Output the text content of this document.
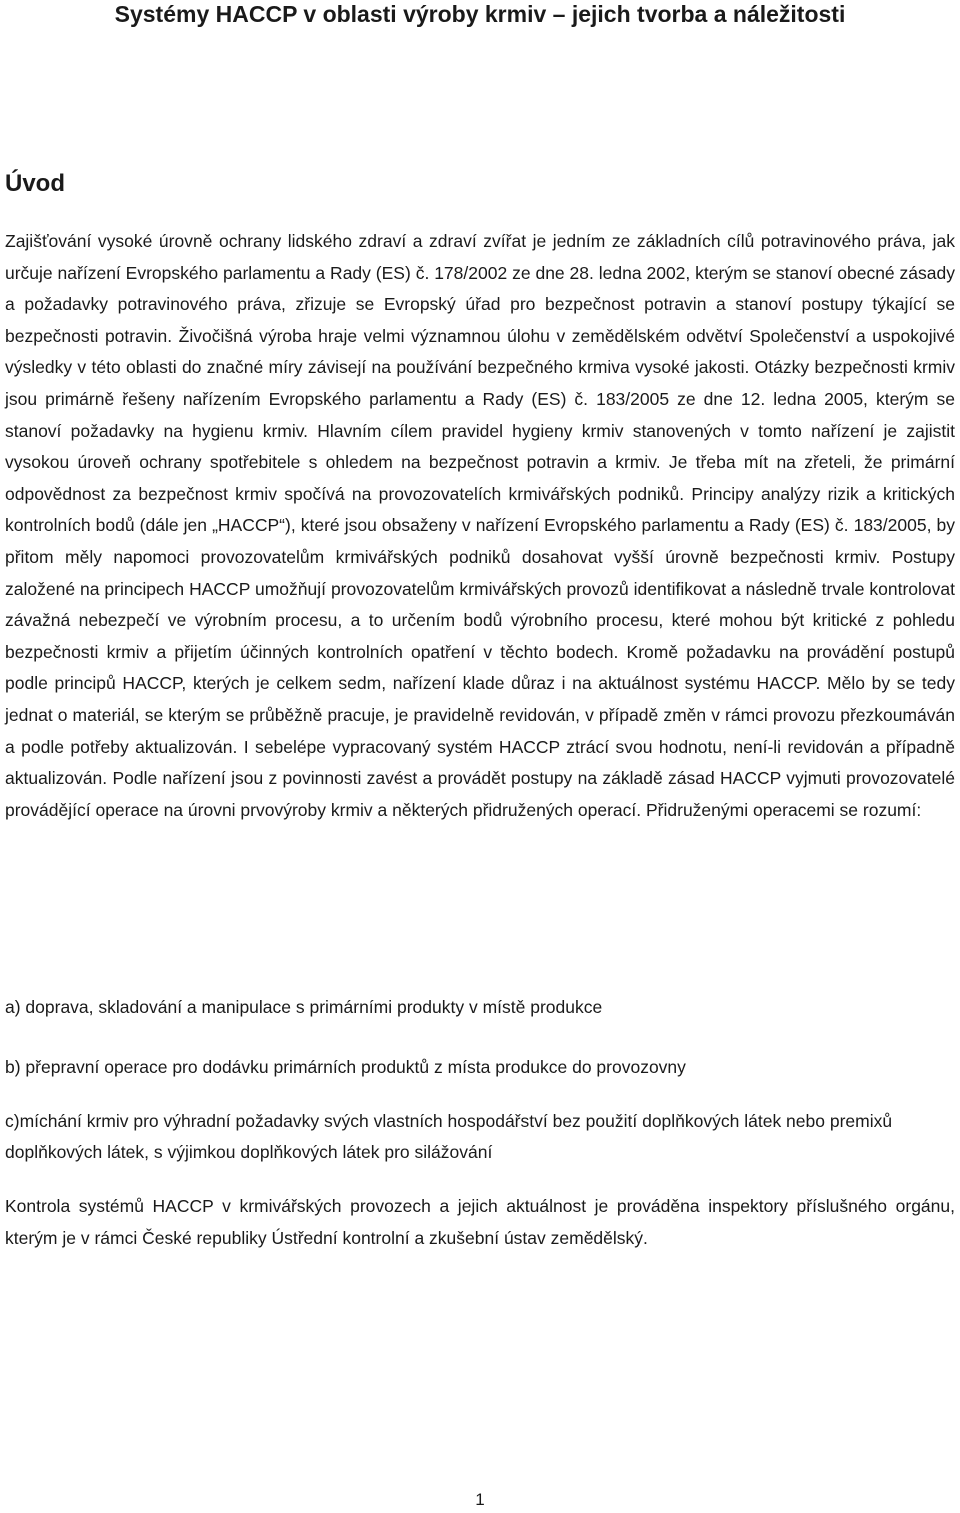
Systémy HACCP v oblasti výroby krmiv – jejich tvorba a náležitosti
Úvod

Zajišťování vysoké úrovně ochrany lidského zdraví a zdraví zvířat je jedním ze základních cílů potravinového práva, jak určuje nařízení Evropského parlamentu a Rady (ES) č. 178/2002 ze dne 28. ledna 2002, kterým se stanoví obecné zásady a požadavky potravinového práva, zřizuje se Evropský úřad pro bezpečnost potravin a stanoví postupy týkající se bezpečnosti potravin. Živočišná výroba hraje velmi významnou úlohu v zemědělském odvětví Společenství a uspokojivé výsledky v této oblasti do značné míry závisejí na používání bezpečného krmiva vysoké jakosti. Otázky bezpečnosti krmiv jsou primárně řešeny nařízením Evropského parlamentu a Rady (ES) č. 183/2005 ze dne 12. ledna 2005, kterým se stanoví požadavky na hygienu krmiv. Hlavním cílem pravidel hygieny krmiv stanovených v tomto nařízení je zajistit vysokou úroveň ochrany spotřebitele s ohledem na bezpečnost potravin a krmiv. Je třeba mít na zřeteli, že primární odpovědnost za bezpečnost krmiv spočívá na provozovatelích krmivářských podniků. Principy analýzy rizik a kritických kontrolních bodů (dále jen „HACCP“), které jsou obsaženy v nařízení Evropského parlamentu a Rady (ES) č. 183/2005, by přitom měly napomoci provozovatelům krmivářských podniků dosahovat vyšší úrovně bezpečnosti krmiv. Postupy založené na principech HACCP umožňují provozovatelům krmivářských provozů identifikovat a následně trvale kontrolovat závažná nebezpečí ve výrobním procesu, a to určením bodů výrobního procesu, které mohou být kritické z pohledu bezpečnosti krmiv a přijetím účinných kontrolních opatření v těchto bodech. Kromě požadavku na provádění postupů podle principů HACCP, kterých je celkem sedm, nařízení klade důraz i na aktuálnost systému HACCP. Mělo by se tedy jednat o materiál, se kterým se průběžně pracuje, je pravidelně revidován, v případě změn v rámci provozu přezkoumáván a podle potřeby aktualizován. I sebelépe vypracovaný systém HACCP ztrácí svou hodnotu, není-li revidován a případně aktualizován. Podle nařízení jsou z povinnosti zavést a provádět postupy na základě zásad HACCP vyjmuti provozovatelé provádějící operace na úrovni prvovýroby krmiv a některých přidružených operací. Přidruženými operacemi se rozumí:

a) doprava, skladování a manipulace s primárními produkty v místě produkce

b) přepravní operace pro dodávku primárních produktů z místa produkce do provozovny

c)míchání krmiv pro výhradní požadavky svých vlastních hospodářství bez použití doplňkových látek nebo premixů doplňkových látek, s výjimkou doplňkových látek pro silážování

Kontrola systémů HACCP v krmivářských provozech a jejich aktuálnost je prováděna inspektory příslušného orgánu, kterým je v rámci České republiky Ústřední kontrolní a zkušební ústav zemědělský.

1
